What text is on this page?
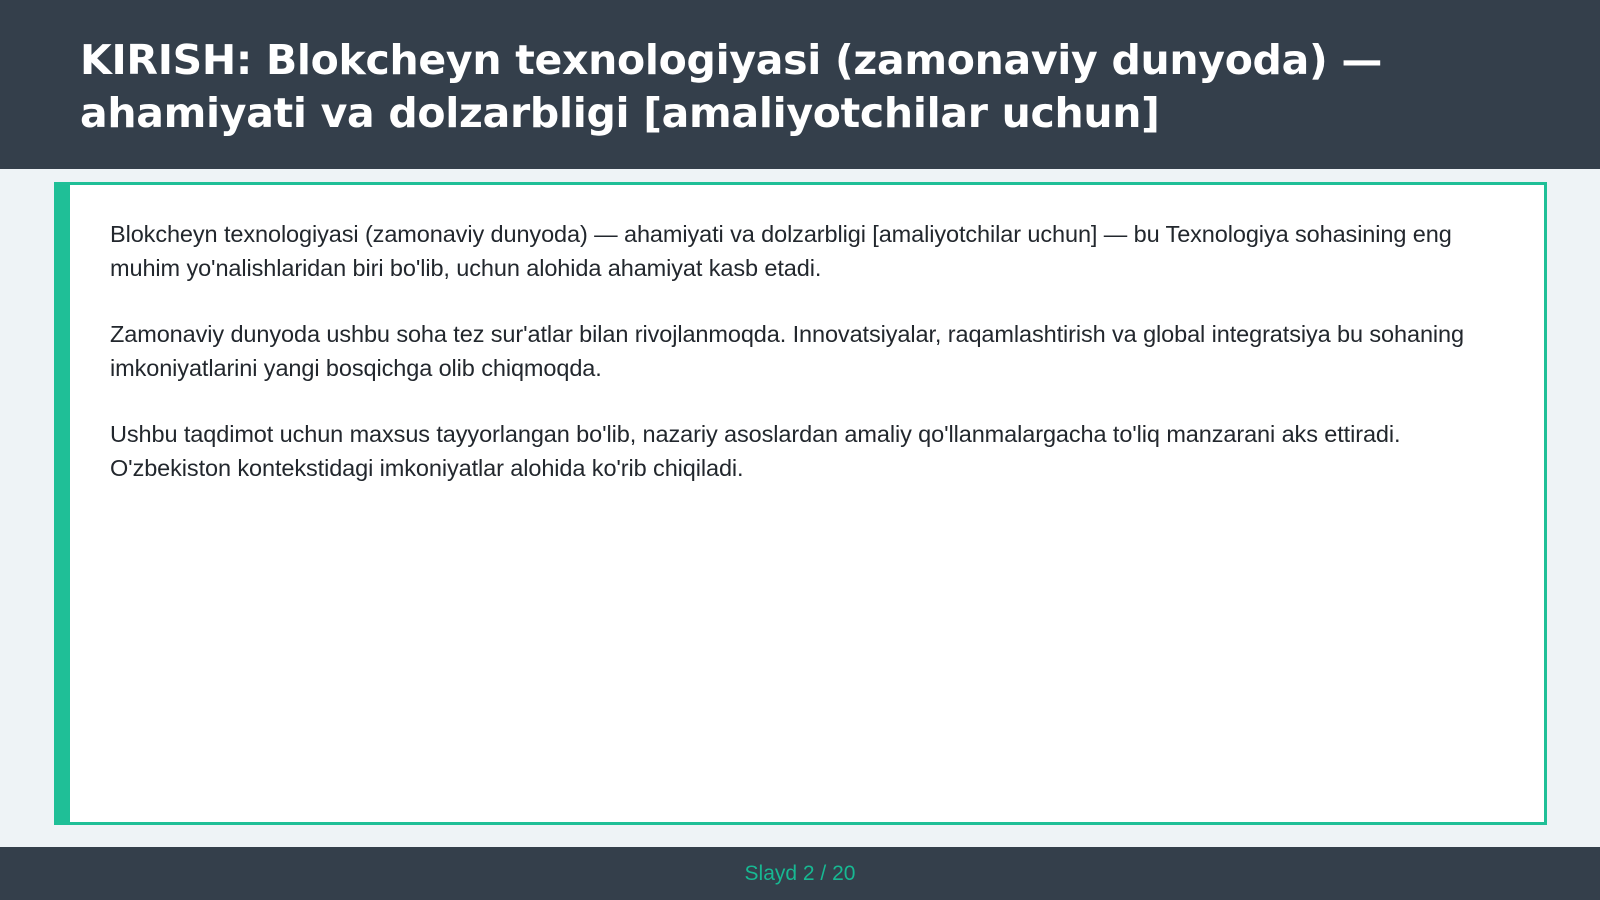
KIRISH: Blokcheyn texnologiyasi (zamonaviy dunyoda) — ahamiyati va dolzarbligi [amaliyotchilar uchun]

Blokcheyn texnologiyasi (zamonaviy dunyoda) — ahamiyati va dolzarbligi [amaliyotchilar uchun] — bu Texnologiya sohasining eng muhim yo'nalishlaridan biri bo'lib, uchun alohida ahamiyat kasb etadi.

Zamonaviy dunyoda ushbu soha tez sur'atlar bilan rivojlanmoqda. Innovatsiyalar, raqamlashtirish va global integratsiya bu sohaning imkoniyatlarini yangi bosqichga olib chiqmoqda.

Ushbu taqdimot uchun maxsus tayyorlangan bo'lib, nazariy asoslardan amaliy qo'llanmalargacha to'liq manzarani aks ettiradi. O'zbekiston kontekstidagi imkoniyatlar alohida ko'rib chiqiladi.

Slayd 2 / 20
